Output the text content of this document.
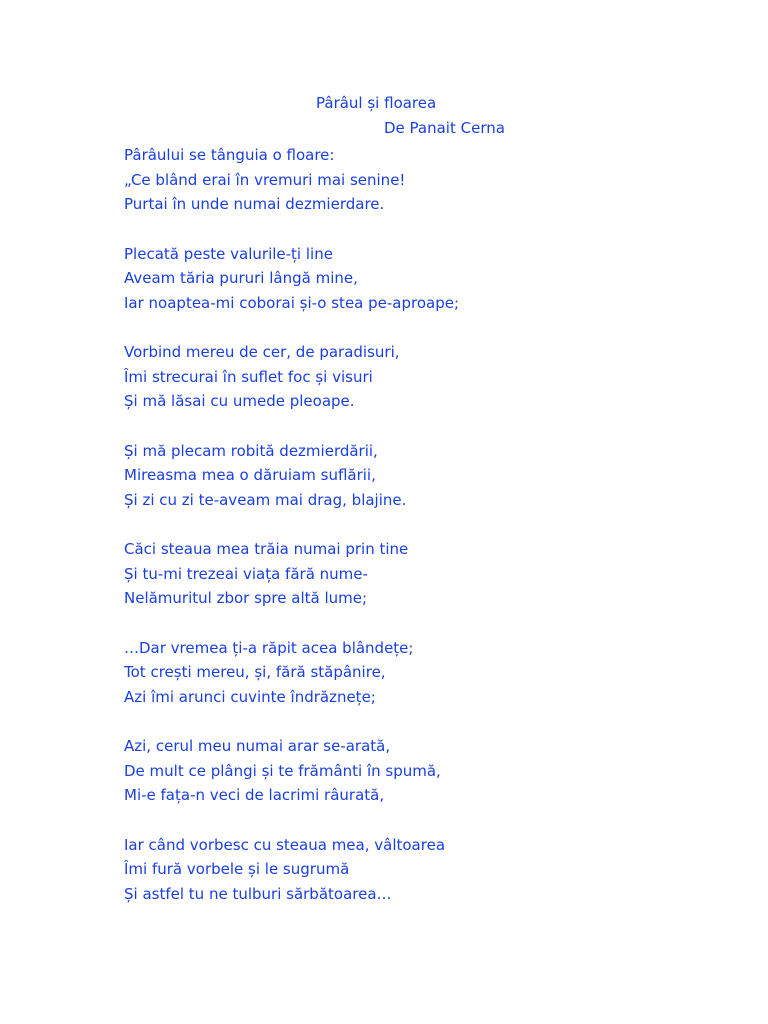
Pârâul și floarea
De Panait Cerna
Pârâului se tânguia o floare:
„Ce blând erai în vremuri mai senine!
Purtai în unde numai dezmierdare.
Plecată peste valurile-ți line
Aveam tăria pururi lângă mine,
Iar noaptea-mi coborai și-o stea pe-aproape;
Vorbind mereu de cer, de paradisuri,
Îmi strecurai în suflet foc și visuri
Și mă lăsai cu umede pleoape.
Și mă plecam robită dezmierdării,
Mireasma mea o dăruiam suflării,
Și zi cu zi te-aveam mai drag, blajine.
Căci steaua mea trăia numai prin tine
Și tu-mi trezeai viața fără nume-
Nelămuritul zbor spre altă lume;
…Dar vremea ți-a răpit acea blândețe;
Tot crești mereu, și, fără stăpânire,
Azi îmi arunci cuvinte îndrăznețe;
Azi, cerul meu numai arar se-arată,
De mult ce plângi și te frământi în spumă,
Mi-e fața-n veci de lacrimi râurată,
Iar când vorbesc cu steaua mea, vâltoarea
Îmi fură vorbele și le sugrumă
Și astfel tu ne tulburi sărbătoarea…
